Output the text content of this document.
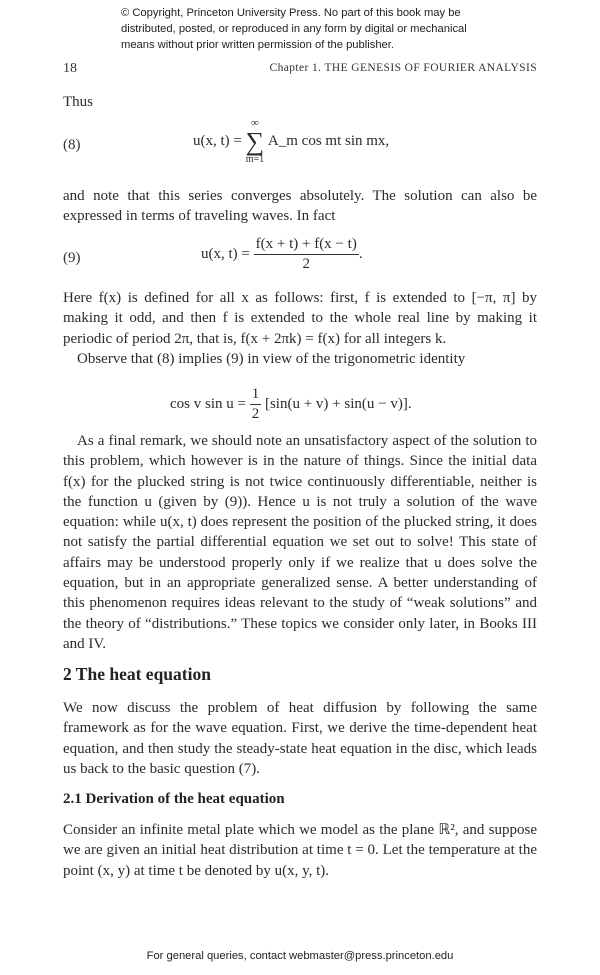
© Copyright, Princeton University Press. No part of this book may be
distributed, posted, or reproduced in any form by digital or mechanical
means without prior written permission of the publisher.
18	Chapter 1. THE GENESIS OF FOURIER ANALYSIS
Thus
(8)	u(x, t) =
∞
∑
m=1
A_m cos mt sin mx,

and note that this series converges absolutely. The solution can also be expressed in terms of traveling waves. In fact

(9)	u(x, $t) = \frac{f(x + t) + f(x - t)}{2}$ .

Here f(x) is defined for all x as follows: first, f is extended to [−π, π] by making it odd, and then f is extended to the whole real line by making it periodic of period 2π, that is, f(x + 2πk) = f(x) for all integers k.

Observe that (8) implies (9) in view of the trigonometric identity

cos v $\sin u = \frac{1}{2} [\sin(u + v) + \sin(u - v)]$.

As a final remark, we should note an unsatisfactory aspect of the solution to this problem, which however is in the nature of things. Since the initial data f(x) for the plucked string is not twice continuously differentiable, neither is the function u (given by (9)). Hence u is not truly a solution of the wave equation: while u(x, t) does represent the position of the plucked string, it does not satisfy the partial differential equation we set out to solve! This state of affairs may be understood properly only if we realize that u does solve the equation, but in an appropriate generalized sense. A better understanding of this phenomenon requires ideas relevant to the study of “weak solutions” and the theory of “distributions.” These topics we consider only later, in Books III and IV.

2 The heat equation

We now discuss the problem of heat diffusion by following the same framework as for the wave equation. First, we derive the time-dependent heat equation, and then study the steady-state heat equation in the disc, which leads us back to the basic question (7).

2.1 Derivation of the heat equation

Consider an infinite metal plate which we model as the plane ℝ², and suppose we are given an initial heat distribution at time t = 0. Let the temperature at the point (x, y) at time t be denoted by u(x, y, t).

For general queries, contact webmaster@press.princeton.edu
